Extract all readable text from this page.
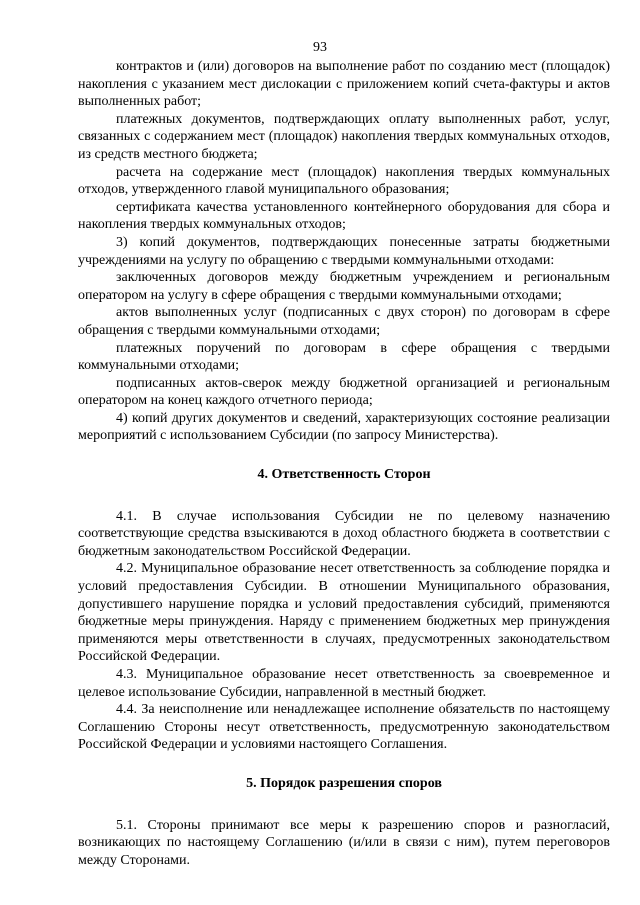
93

контрактов и (или) договоров на выполнение работ по созданию мест (площадок) накопления с указанием мест дислокации с приложением копий счета-фактуры и актов выполненных работ;

платежных документов, подтверждающих оплату выполненных работ, услуг, связанных с содержанием мест (площадок) накопления твердых коммунальных отходов, из средств местного бюджета;

расчета на содержание мест (площадок) накопления твердых коммунальных отходов, утвержденного главой муниципального образования;

сертификата качества установленного контейнерного оборудования для сбора и накопления твердых коммунальных отходов;

3) копий документов, подтверждающих понесенные затраты бюджетными учреждениями на услугу по обращению с твердыми коммунальными отходами:

заключенных договоров между бюджетным учреждением и региональным оператором на услугу в сфере обращения с твердыми коммунальными отходами;

актов выполненных услуг (подписанных с двух сторон) по договорам в сфере обращения с твердыми коммунальными отходами;

платежных поручений по договорам в сфере обращения с твердыми коммунальными отходами;

подписанных актов-сверок между бюджетной организацией и региональным оператором на конец каждого отчетного периода;

4) копий других документов и сведений, характеризующих состояние реализации мероприятий с использованием Субсидии (по запросу Министерства).

4. Ответственность Сторон

4.1. В случае использования Субсидии не по целевому назначению соответствующие средства взыскиваются в доход областного бюджета в соответствии с бюджетным законодательством Российской Федерации.

4.2. Муниципальное образование несет ответственность за соблюдение порядка и условий предоставления Субсидии. В отношении Муниципального образования, допустившего нарушение порядка и условий предоставления субсидий, применяются бюджетные меры принуждения. Наряду с применением бюджетных мер принуждения применяются меры ответственности в случаях, предусмотренных законодательством Российской Федерации.

4.3. Муниципальное образование несет ответственность за своевременное и целевое использование Субсидии, направленной в местный бюджет.

4.4. За неисполнение или ненадлежащее исполнение обязательств по настоящему Соглашению Стороны несут ответственность, предусмотренную законодательством Российской Федерации и условиями настоящего Соглашения.

5. Порядок разрешения споров

5.1. Стороны принимают все меры к разрешению споров и разногласий, возникающих по настоящему Соглашению (и/или в связи с ним), путем переговоров между Сторонами.
